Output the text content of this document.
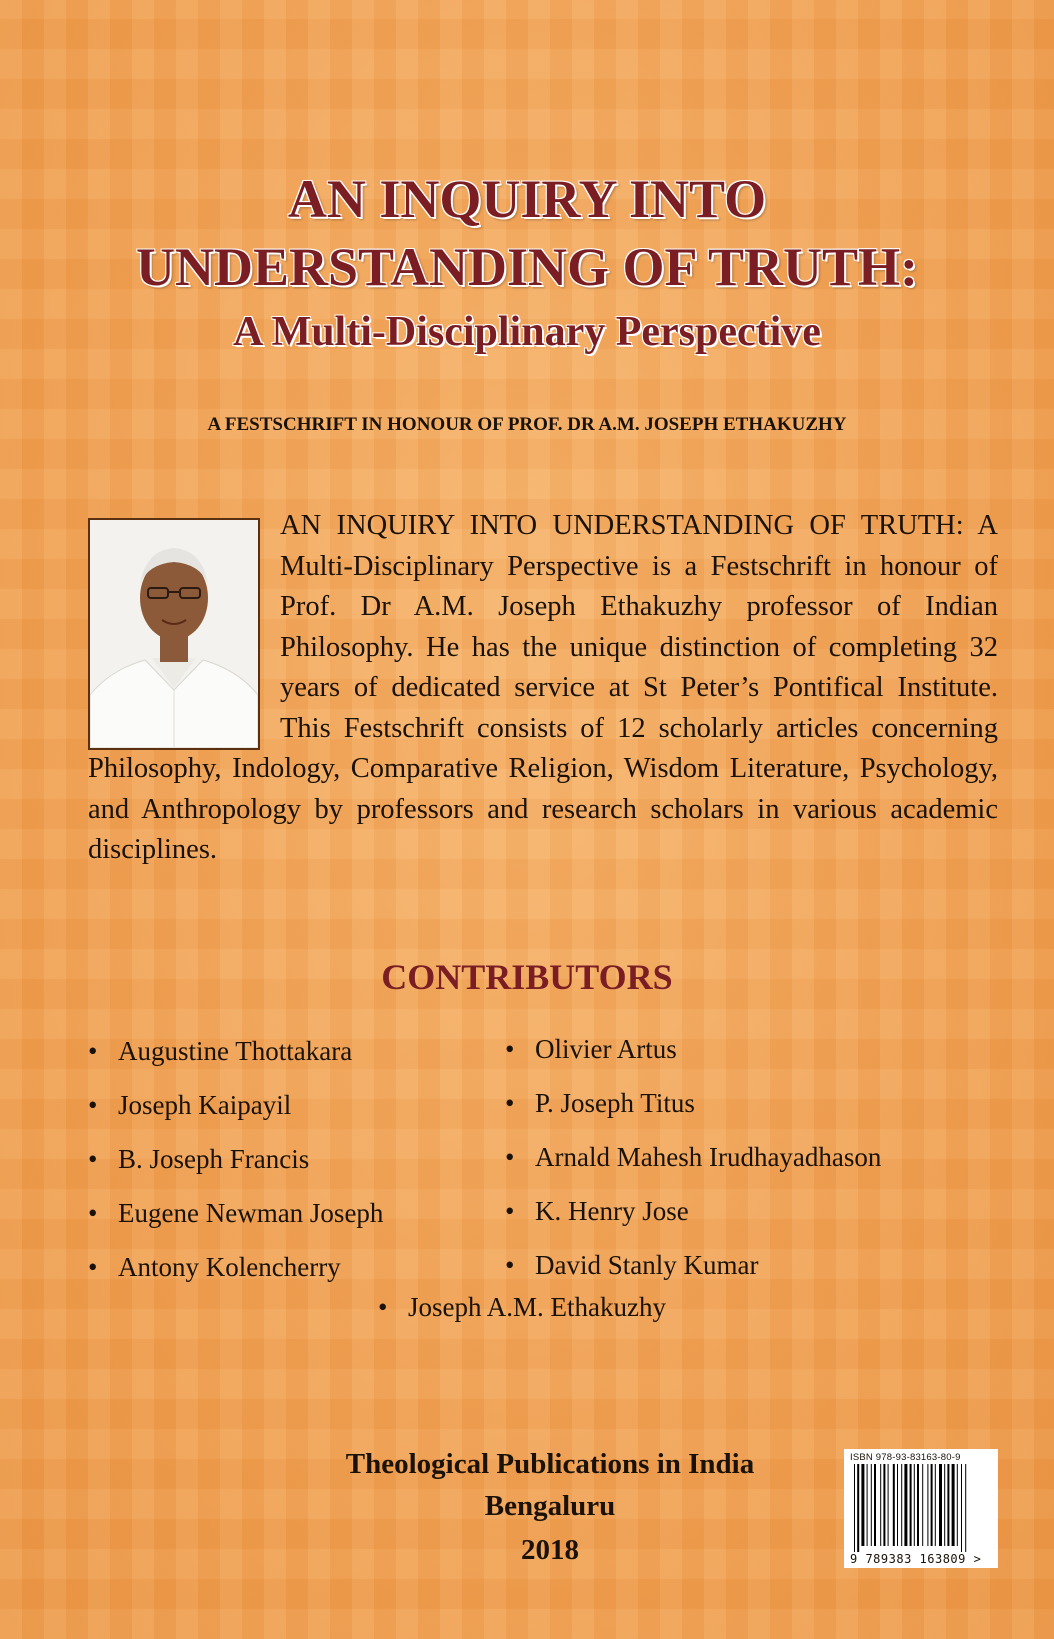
AN INQUIRY INTO
UNDERSTANDING OF TRUTH:
A Multi-Disciplinary Perspective
A FESTSCHRIFT IN HONOUR OF PROF. DR A.M. JOSEPH ETHAKUZHY
AN INQUIRY INTO UNDERSTANDING OF TRUTH: A Multi-Disciplinary Perspective is a Festschrift in honour of Prof. Dr A.M. Joseph Ethakuzhy professor of Indian Philosophy. He has the unique distinction of completing 32 years of dedicated service at St Peter’s Pontifical Institute. This Festschrift consists of 12 scholarly articles concerning Philosophy, Indology, Comparative Religion, Wisdom Literature, Psychology, and Anthropology by professors and research scholars in various academic disciplines.
CONTRIBUTORS
• Augustine Thottakara
• Joseph Kaipayil
• B. Joseph Francis
• Eugene Newman Joseph
• Antony Kolencherry
• Olivier Artus
• P. Joseph Titus
• Arnald Mahesh Irudhayadhason
• K. Henry Jose
• David Stanly Kumar
• Joseph A.M. Ethakuzhy
Theological Publications in India
Bengaluru
2018
ISBN 978-93-83163-80-9
9 789383 163809 >
